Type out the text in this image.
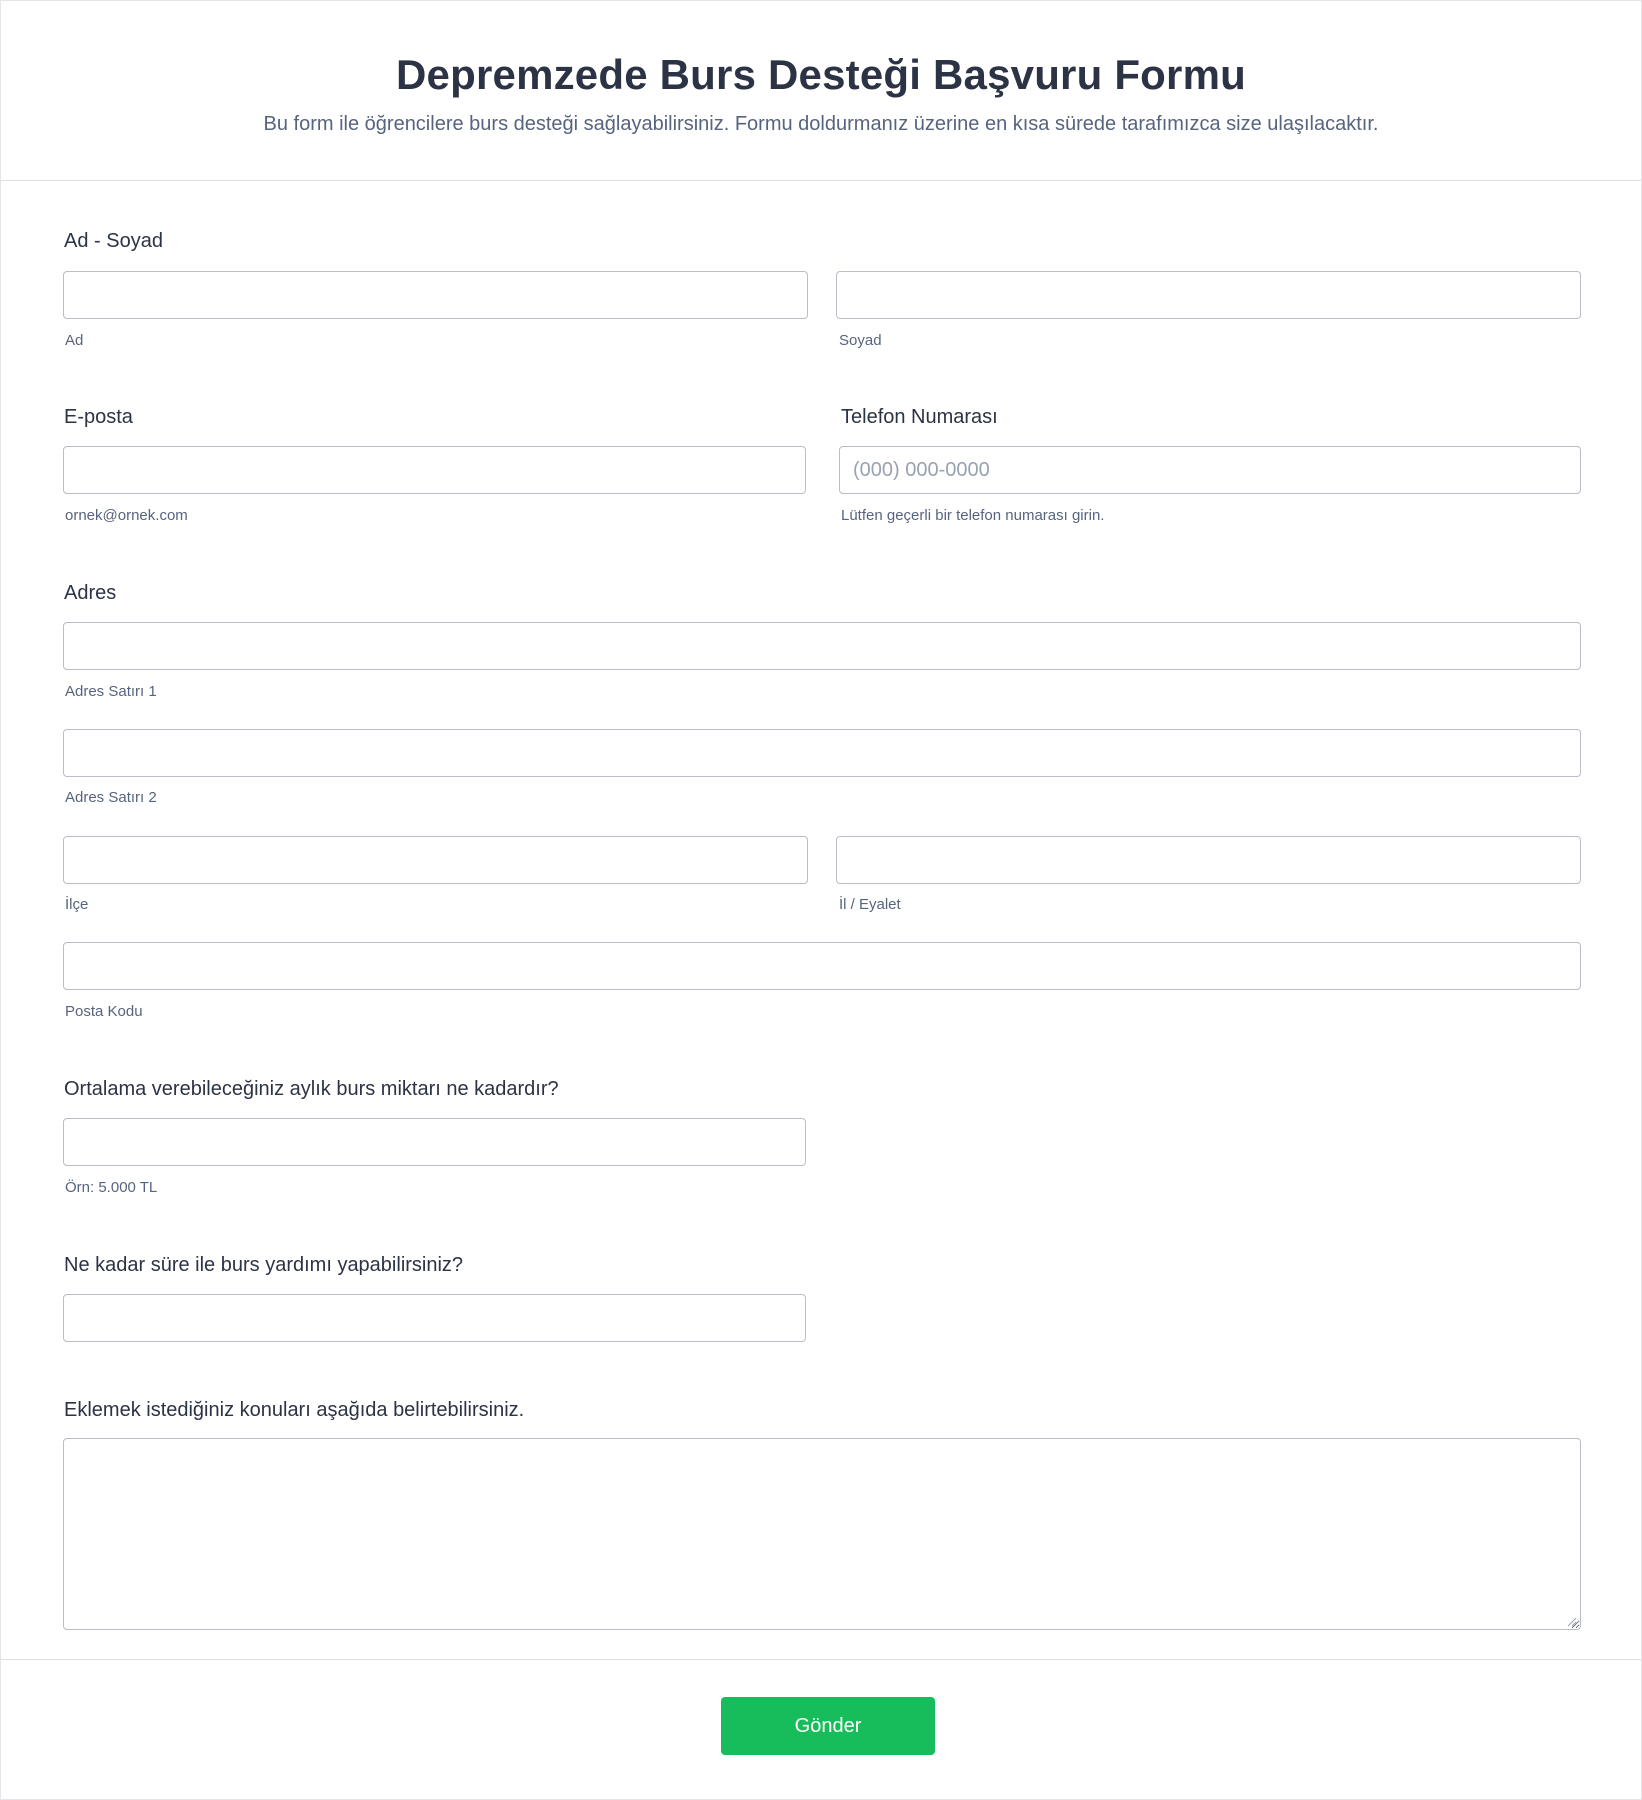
Depremzede Burs Desteği Başvuru Formu
Bu form ile öğrencilere burs desteği sağlayabilirsiniz. Formu doldurmanız üzerine en kısa sürede tarafımızca size ulaşılacaktır.
Ad - Soyad
Ad	Soyad
E-posta	Telefon Numarası
(000) 000-0000
ornek@ornek.com	Lütfen geçerli bir telefon numarası girin.
Adres
Adres Satırı 1
Adres Satırı 2
İlçe	İl / Eyalet
Posta Kodu
Ortalama verebileceğiniz aylık burs miktarı ne kadardır?
Örn: 5.000 TL
Ne kadar süre ile burs yardımı yapabilirsiniz?
Eklemek istediğiniz konuları aşağıda belirtebilirsiniz.
Gönder
